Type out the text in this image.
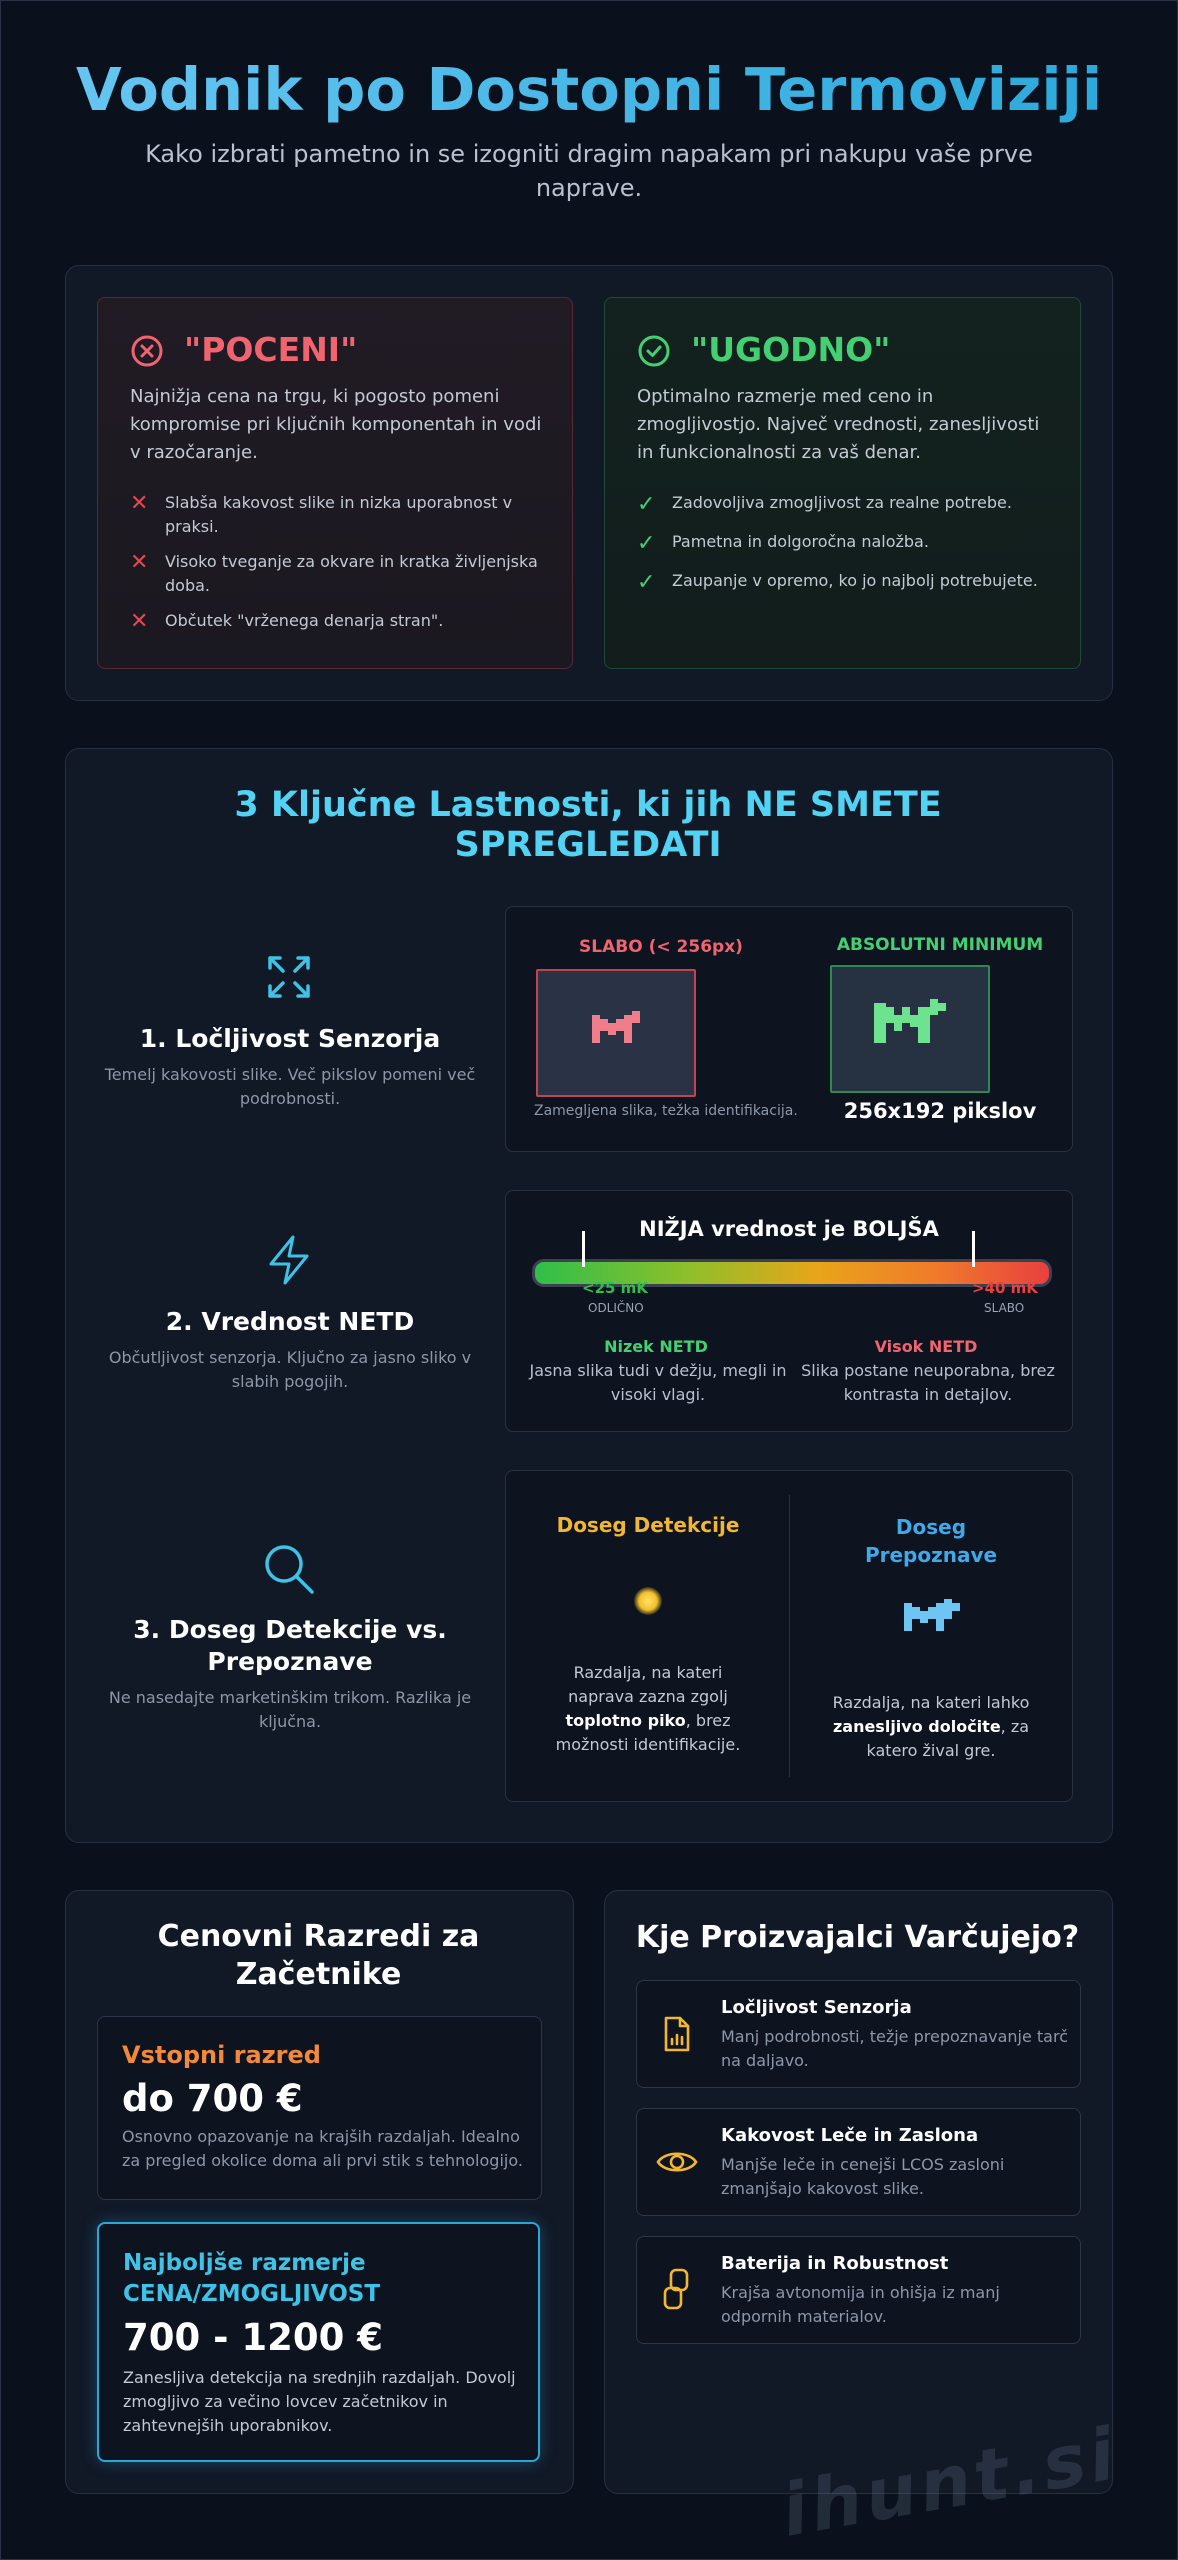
Vodnik po Dostopni Termoviziji
Kako izbrati pametno in se izogniti dragim napakam pri nakupu vaše prve naprave.
"POCENI"
Najnižja cena na trgu, ki pogosto pomeni kompromise pri ključnih komponentah in vodi v razočaranje.
✕ Slabša kakovost slike in nizka uporabnost v praksi.
✕ Visoko tveganje za okvare in kratka življenjska doba.
✕ Občutek "vrženega denarja stran".
"UGODNO"
Optimalno razmerje med ceno in zmogljivostjo. Največ vrednosti, zanesljivosti in funkcionalnosti za vaš denar.
✓ Zadovoljiva zmogljivost za realne potrebe.
✓ Pametna in dolgoročna naložba.
✓ Zaupanje v opremo, ko jo najbolj potrebujete.
3 Ključne Lastnosti, ki jih NE SMETE SPREGLEDATI
1. Ločljivost Senzorja
Temelj kakovosti slike. Več pikslov pomeni več podrobnosti.
SLABO (< 256px)
Zamegljena slika, težka identifikacija.
ABSOLUTNI MINIMUM
256x192 pikslov
2. Vrednost NETD
Občutljivost senzorja. Ključno za jasno sliko v slabih pogojih.
NIŽJA vrednost je BOLJŠA
<25 mK
ODLIČNO
>40 mK
SLABO
Nizek NETD
Jasna slika tudi v dežju, megli in visoki vlagi.
Visok NETD
Slika postane neuporabna, brez kontrasta in detajlov.
3. Doseg Detekcije vs. Prepoznave
Ne nasedajte marketinškim trikom. Razlika je ključna.
Doseg Detekcije
Razdalja, na kateri naprava zazna zgolj toplotno piko, brez možnosti identifikacije.
Doseg Prepoznave
Razdalja, na kateri lahko zanesljivo določite, za katero žival gre.
Cenovni Razredi za Začetnike
Vstopni razred
do 700 €
Osnovno opazovanje na krajših razdaljah. Idealno za pregled okolice doma ali prvi stik s tehnologijo.
Najboljše razmerje CENA/ZMOGLJIVOST
700 - 1200 €
Zanesljiva detekcija na srednjih razdaljah. Dovolj zmogljivo za večino lovcev začetnikov in zahtevnejših uporabnikov.
Kje Proizvajalci Varčujejo?
Ločljivost Senzorja
Manj podrobnosti, težje prepoznavanje tarč na daljavo.
Kakovost Leče in Zaslona
Manjše leče in cenejši LCOS zasloni zmanjšajo kakovost slike.
Baterija in Robustnost
Krajša avtonomija in ohišja iz manj odpornih materialov.
ihunt.si
